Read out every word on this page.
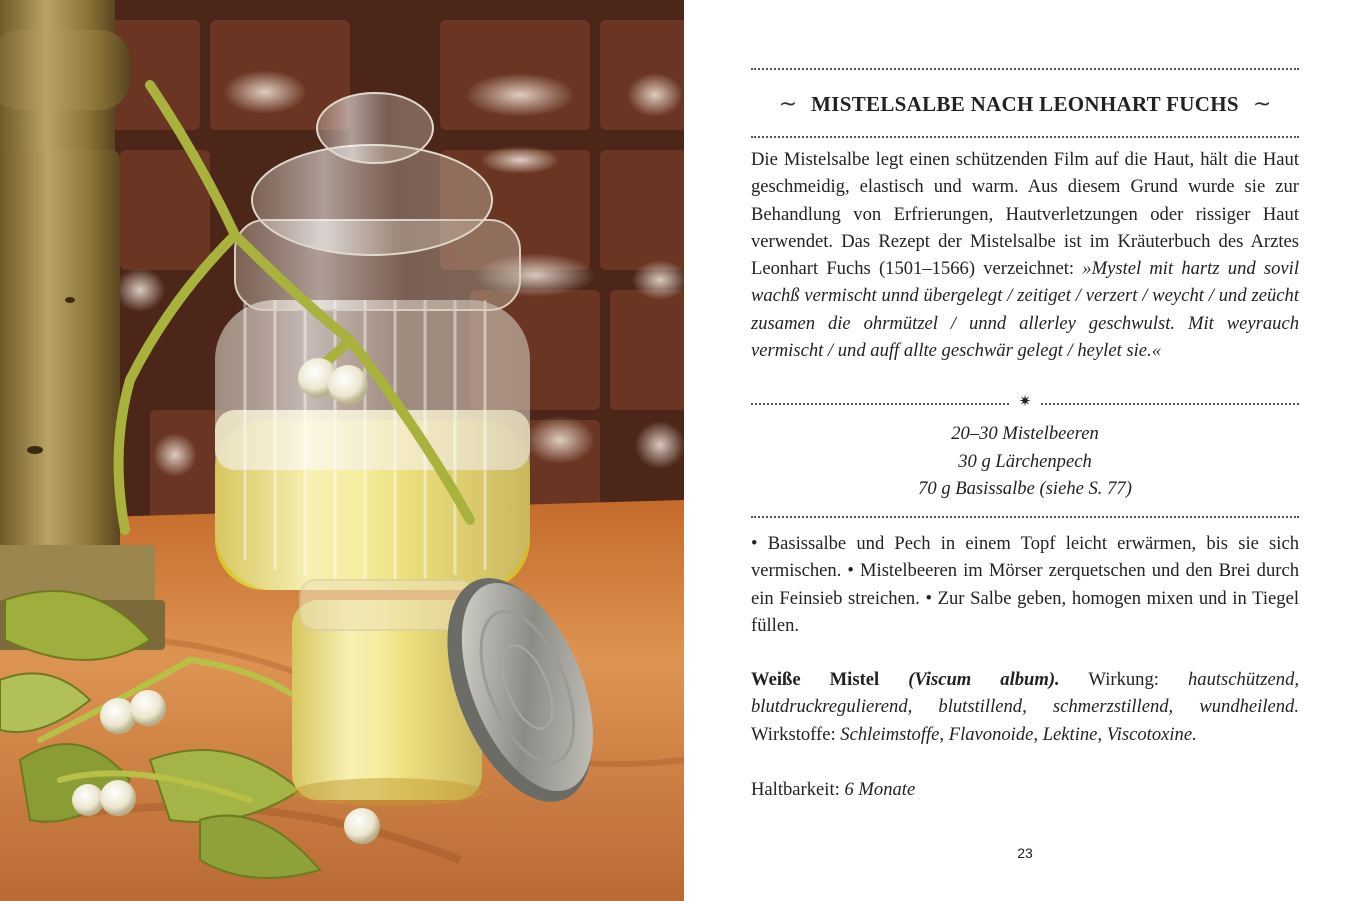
~ MISTELSALBE NACH LEONHART FUCHS ~

Die Mistelsalbe legt einen schützenden Film auf die Haut, hält die Haut geschmeidig, elastisch und warm. Aus diesem Grund wurde sie zur Behandlung von Erfrierungen, Hautverletzungen oder rissiger Haut verwendet. Das Rezept der Mistelsalbe ist im Kräuterbuch des Arztes Leonhart Fuchs (1501–1566) verzeichnet: »Mystel mit hartz und sovil wachß vermischt unnd übergelegt / zeitiget / verzert / weycht / und zeücht zusamen die ohrmützel / unnd allerley geschwulst. Mit weyrauch vermischt / und auff allte geschwär gelegt / heylet sie.«

✷
20–30 Mistelbeeren
30 g Lärchenpech
70 g Basissalbe (siehe S. 77)

• Basissalbe und Pech in einem Topf leicht erwärmen, bis sie sich vermischen. • Mistelbeeren im Mörser zerquetschen und den Brei durch ein Feinsieb streichen. • Zur Salbe geben, homogen mixen und in Tiegel füllen.

Weiße Mistel (Viscum album). Wirkung: hautschützend, blutdruckregulierend, blutstillend, schmerzstillend, wundheilend. Wirkstoffe: Schleimstoffe, Flavonoide, Lektine, Viscotoxine.

Haltbarkeit: 6 Monate

23
